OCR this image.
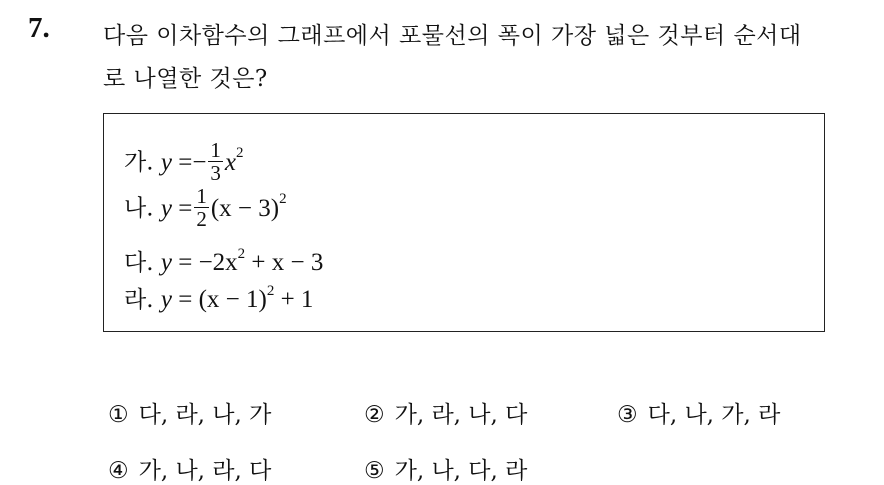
7. 다음 이차함수의 그래프에서 포물선의 폭이 가장 넓은 것부터 순서대
로 나열한 것은?
가. $y =- \frac{1}{3} x^2$
나. $y = \frac{1}{2} (x - 3)^2$
다. $y = -2x^2 + x - 3$
라. $y = (x - 1)^2 + 1$
① 다, 라, 나, 가	② 가, 라, 나, 다	③ 다, 나, 가, 라
④ 가, 나, 라, 다	⑤ 가, 나, 다, 라
